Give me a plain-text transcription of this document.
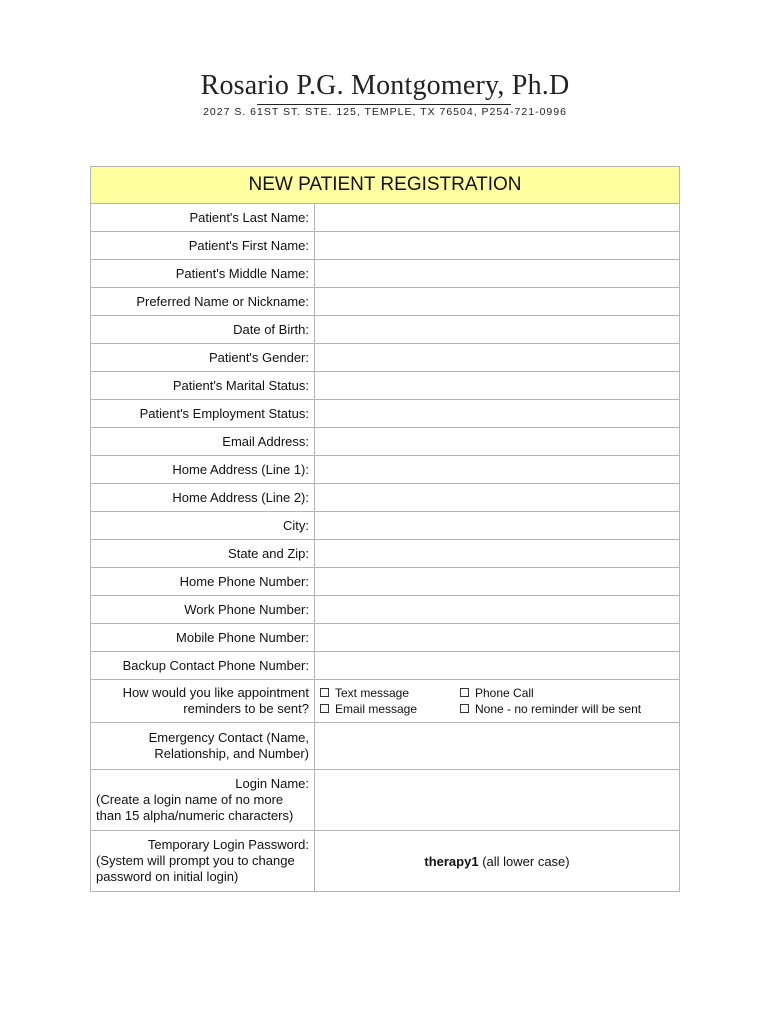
Rosario P.G. Montgomery, Ph.D
2027 S. 61ST ST. STE. 125, TEMPLE, TX 76504, P254-721-0996
NEW PATIENT REGISTRATION	
Patient's Last Name:	
Patient's First Name:	
Patient's Middle Name:	
Preferred Name or Nickname:	
Date of Birth:	
Patient's Gender:	
Patient's Marital Status:	
Patient's Employment Status:	
Email Address:	
Home Address (Line 1):	
Home Address (Line 2):	
City:	
State and Zip:	
Home Phone Number:	
Work Phone Number:	
Mobile Phone Number:	
Backup Contact Phone Number:	
How would you like appointment
reminders to be sent?	Text message Phone Call
Email message None - no reminder will be sent

Emergency Contact (Name,
Relationship, and Number)	

Login Name:
(Create a login name of no more
than 15 alpha/numeric characters)	

Temporary Login Password:
(System will prompt you to change
password on initial login)	therapy1 (all lower case)
